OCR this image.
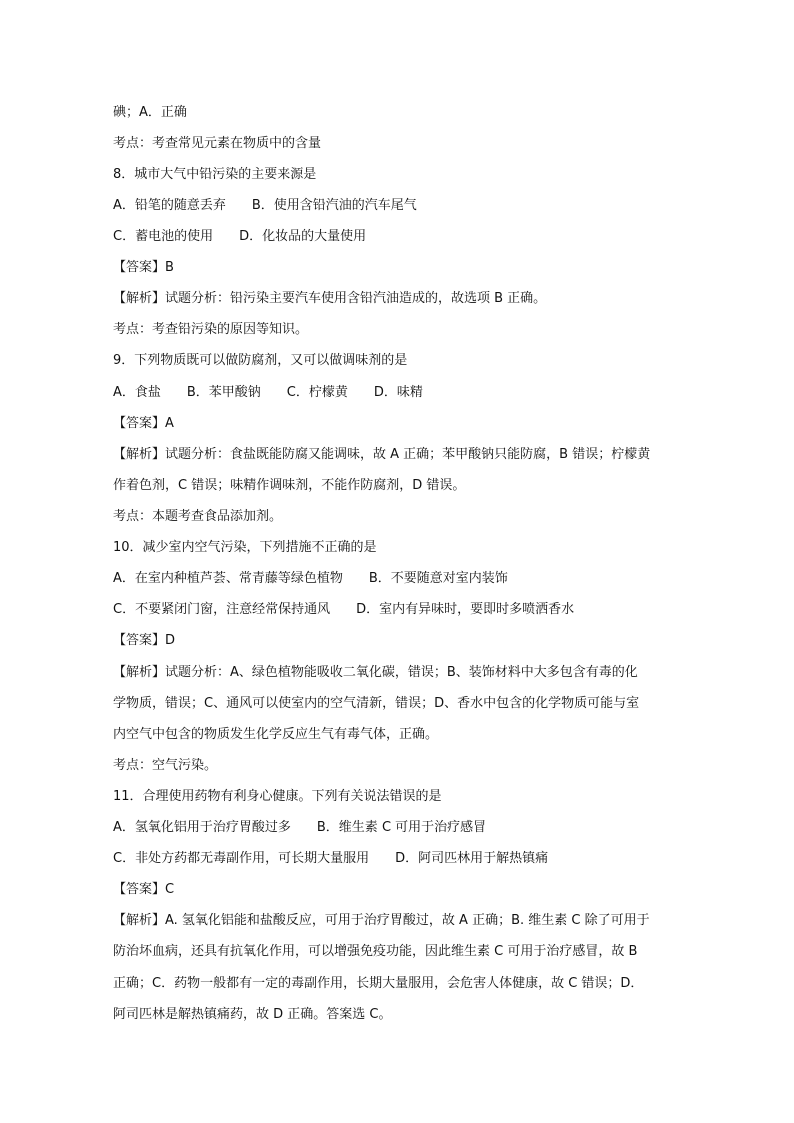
碘；A．正确
考点：考查常见元素在物质中的含量
8．城市大气中铅污染的主要来源是
A．铅笔的随意丢弃　　B．使用含铅汽油的汽车尾气
C．蓄电池的使用　　D．化妆品的大量使用
【答案】B
【解析】试题分析：铅污染主要汽车使用含铅汽油造成的，故选项 B 正确。
考点：考查铅污染的原因等知识。
9．下列物质既可以做防腐剂，又可以做调味剂的是
A．食盐　　B．苯甲酸钠　　C．柠檬黄　　D．味精
【答案】A
【解析】试题分析：食盐既能防腐又能调味，故 A 正确；苯甲酸钠只能防腐，B 错误；柠檬黄
作着色剂，C 错误；味精作调味剂，不能作防腐剂，D 错误。
考点：本题考查食品添加剂。
10．减少室内空气污染，下列措施不正确的是
A．在室内种植芦荟、常青藤等绿色植物　　B．不要随意对室内装饰
C．不要紧闭门窗，注意经常保持通风　　D．室内有异味时，要即时多喷洒香水
【答案】D
【解析】试题分析：A、绿色植物能吸收二氧化碳，错误；B、装饰材料中大多包含有毒的化
学物质，错误；C、通风可以使室内的空气清新，错误；D、香水中包含的化学物质可能与室
内空气中包含的物质发生化学反应生气有毒气体，正确。
考点：空气污染。
11．合理使用药物有利身心健康。下列有关说法错误的是
A．氢氧化铝用于治疗胃酸过多　　B．维生素 C 可用于治疗感冒
C．非处方药都无毒副作用，可长期大量服用　　D．阿司匹林用于解热镇痛
【答案】C
【解析】A. 氢氧化铝能和盐酸反应，可用于治疗胃酸过，故 A 正确；B. 维生素 C 除了可用于
防治坏血病，还具有抗氧化作用，可以增强免疫功能，因此维生素 C 可用于治疗感冒，故 B
正确；C．药物一般都有一定的毒副作用，长期大量服用，会危害人体健康，故 C 错误；D．
阿司匹林是解热镇痛药，故 D 正确。答案选 C。
